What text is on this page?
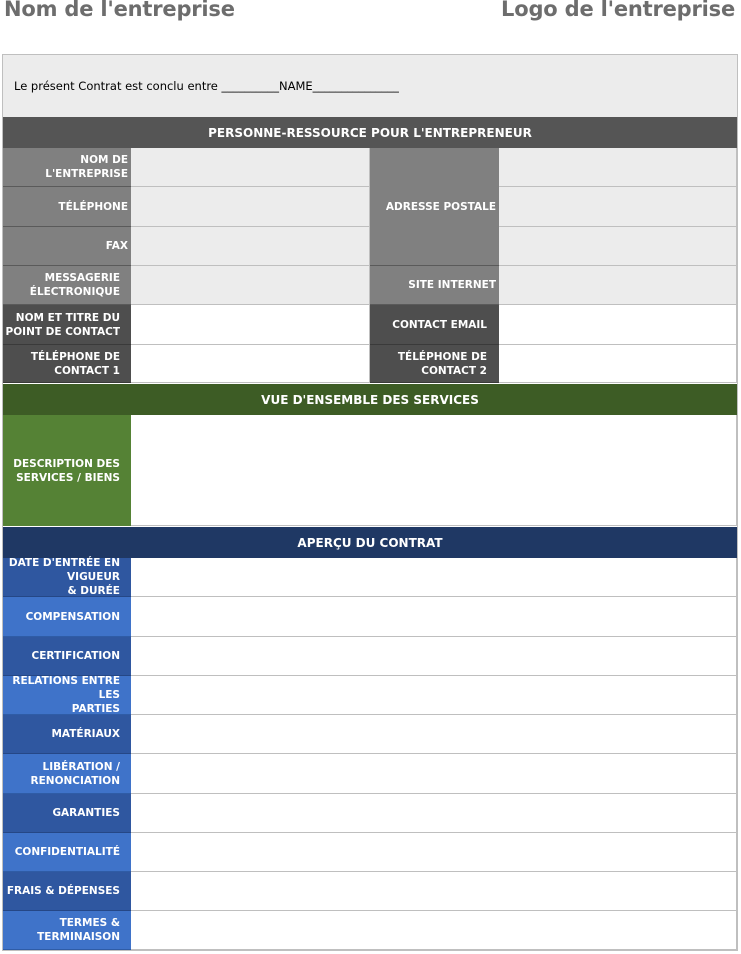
Nom de l'entreprise	Logo de l'entreprise
Le présent Contrat est conclu entre __________NAME_______________
PERSONNE-RESSOURCE POUR L'ENTREPRENEUR
NOM DE L'ENTREPRISE
TÉLÉPHONE
FAX
MESSAGERIE
ÉLECTRONIQUE
NOM ET TITRE DU
POINT DE CONTACT
TÉLÉPHONE DE
CONTACT 1
ADRESSE POSTALE
SITE INTERNET
CONTACT EMAIL
TÉLÉPHONE DE
CONTACT 2
VUE D'ENSEMBLE DES SERVICES
DESCRIPTION DES
SERVICES / BIENS
APERÇU DU CONTRAT
DATE D'ENTRÉE EN
VIGUEUR
& DURÉE
COMPENSATION
CERTIFICATION
RELATIONS ENTRE LES
PARTIES
MATÉRIAUX
LIBÉRATION /
RENONCIATION
GARANTIES
CONFIDENTIALITÉ
FRAIS & DÉPENSES
TERMES &
TERMINAISON
